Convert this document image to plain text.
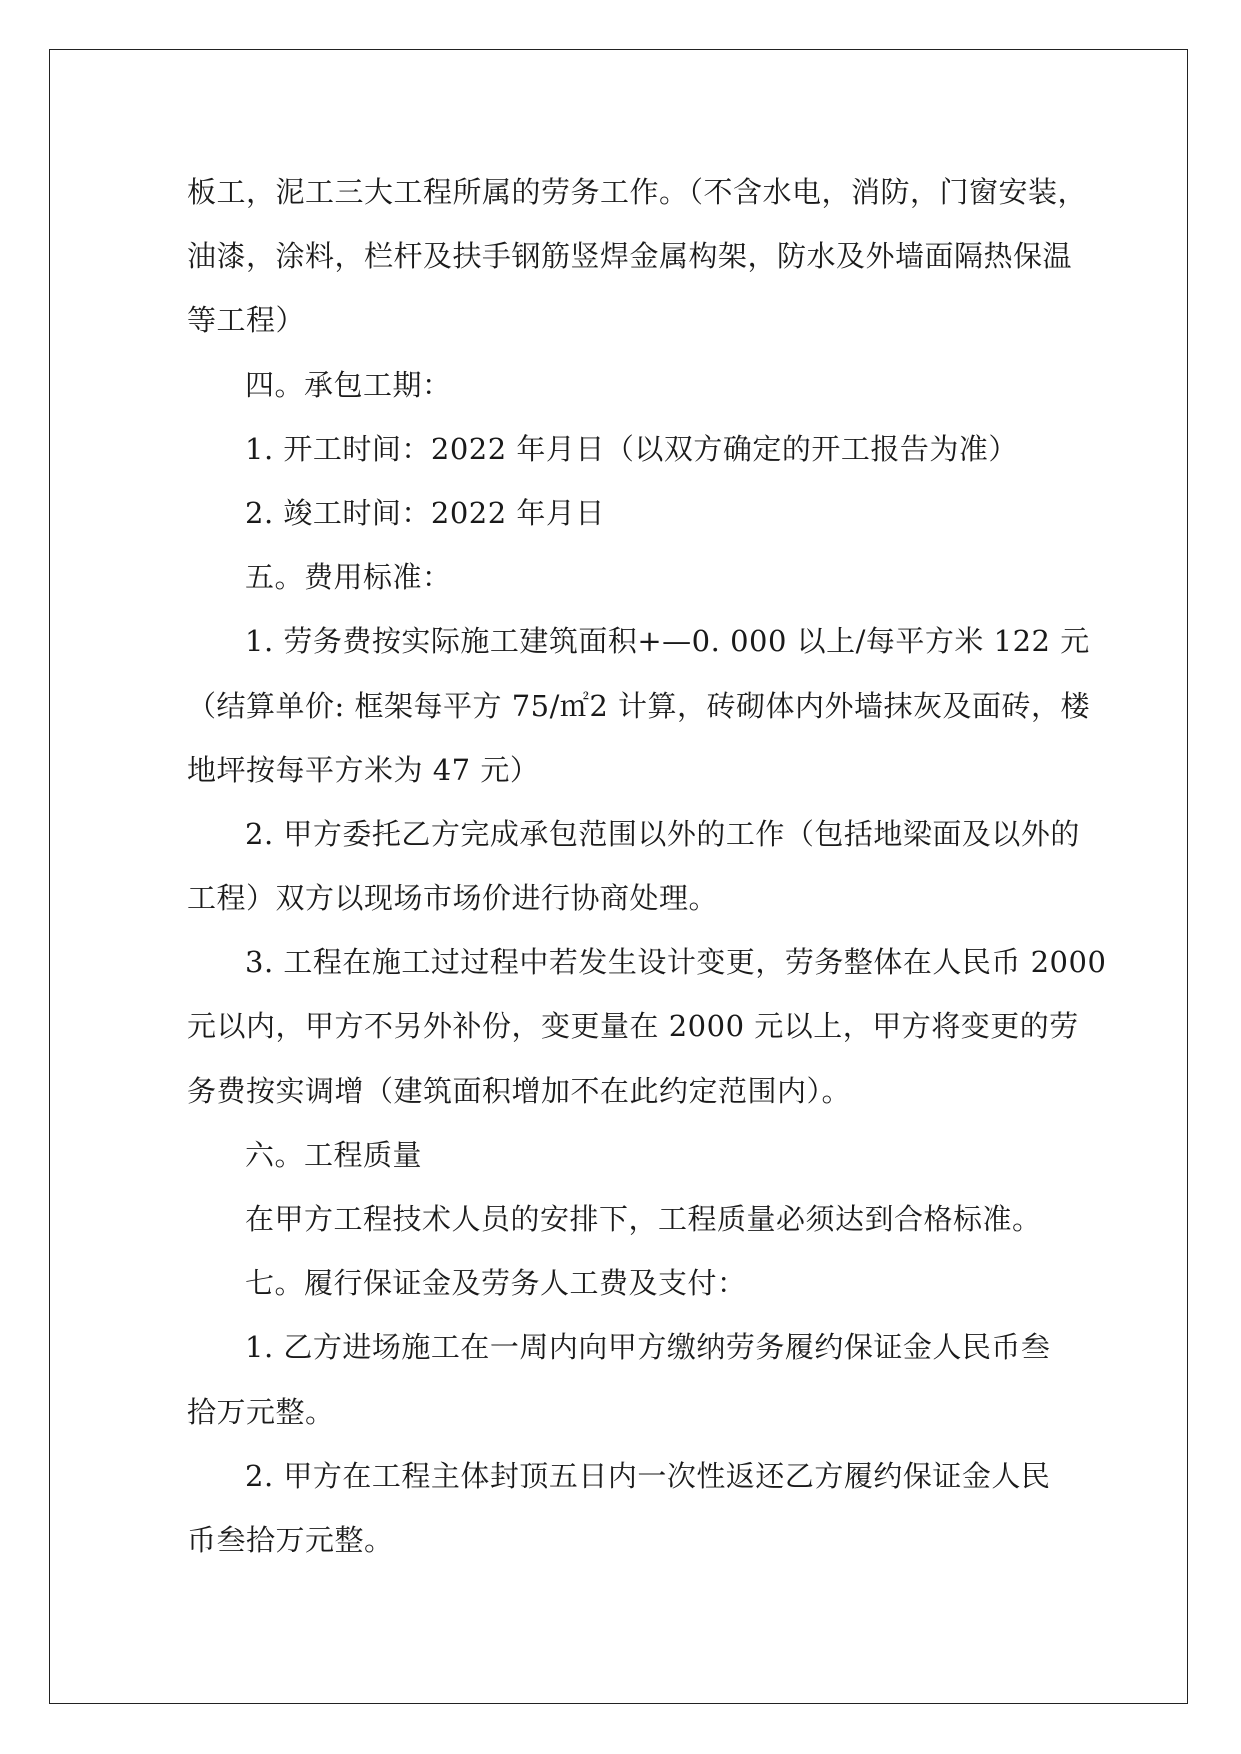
板工，泥工三大工程所属的劳务工作。（不含水电，消防，门窗安装，
油漆，涂料，栏杆及扶手钢筋竖焊金属构架，防水及外墙面隔热保温
等工程）
四。承包工期：
1. 开工时间：2022 年月日（以双方确定的开工报告为准）
2. 竣工时间：2022 年月日
五。费用标准：
1. 劳务费按实际施工建筑面积+—0. 000 以上/每平方米 122 元
（结算单价: 框架每平方 75/㎡2 计算，砖砌体内外墙抹灰及面砖，楼
地坪按每平方米为 47 元）
2. 甲方委托乙方完成承包范围以外的工作（包括地梁面及以外的
工程）双方以现场市场价进行协商处理。
3. 工程在施工过过程中若发生设计变更，劳务整体在人民币 2000
元以内，甲方不另外补份，变更量在 2000 元以上，甲方将变更的劳
务费按实调增（建筑面积增加不在此约定范围内）。
六。工程质量
在甲方工程技术人员的安排下，工程质量必须达到合格标准。
七。履行保证金及劳务人工费及支付：
1. 乙方进场施工在一周内向甲方缴纳劳务履约保证金人民币叁
拾万元整。
2. 甲方在工程主体封顶五日内一次性返还乙方履约保证金人民
币叁拾万元整。
